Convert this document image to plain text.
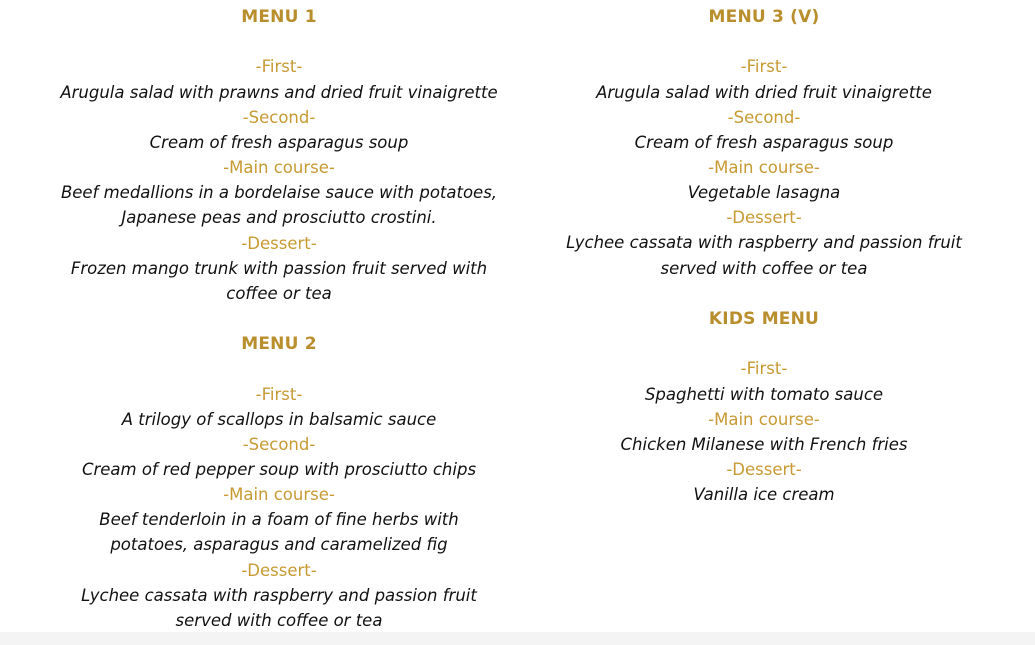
MENU 1
-First-
Arugula salad with prawns and dried fruit vinaigrette
-Second-
Cream of fresh asparagus soup
-Main course-
Beef medallions in a bordelaise sauce with potatoes,
Japanese peas and prosciutto crostini.
-Dessert-
Frozen mango trunk with passion fruit served with
coffee or tea
MENU 2
-First-
A trilogy of scallops in balsamic sauce
-Second-
Cream of red pepper soup with prosciutto chips
-Main course-
Beef tenderloin in a foam of fine herbs with
potatoes, asparagus and caramelized fig
-Dessert-
Lychee cassata with raspberry and passion fruit
served with coffee or tea
MENU 3 (V)
-First-
Arugula salad with dried fruit vinaigrette
-Second-
Cream of fresh asparagus soup
-Main course-
Vegetable lasagna
-Dessert-
Lychee cassata with raspberry and passion fruit
served with coffee or tea
KIDS MENU
-First-
Spaghetti with tomato sauce
-Main course-
Chicken Milanese with French fries
-Dessert-
Vanilla ice cream
